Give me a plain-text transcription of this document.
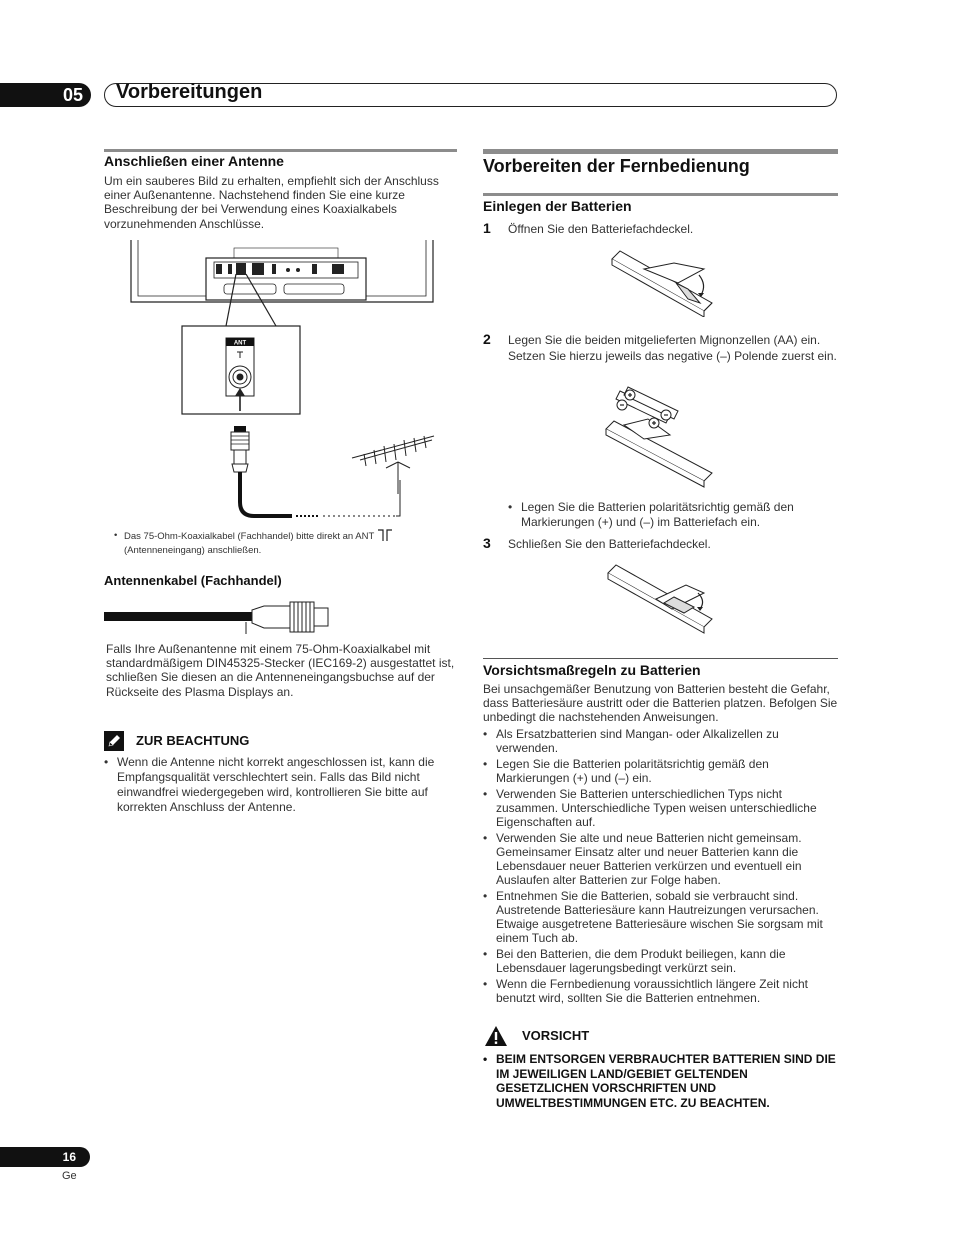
05	Vorbereitungen
Anschließen einer Antenne
Um ein sauberes Bild zu erhalten, empfiehlt sich der Anschluss einer Außenantenne. Nachstehend finden Sie eine kurze Beschreibung der bei Verwendung eines Koaxialkabels vorzunehmenden Anschlüsse.
ANT
• Das 75-Ohm-Koaxialkabel (Fachhandel) bitte direkt an ANT
(Antenneneingang) anschließen.
Antennenkabel (Fachhandel)
Falls Ihre Außenantenne mit einem 75-Ohm-Koaxialkabel mit standardmäßigem DIN45325-Stecker (IEC169-2) ausgestattet ist, schließen Sie diesen an die Antenneneingangsbuchse auf der Rückseite des Plasma Displays an.
ZUR BEACHTUNG
• Wenn die Antenne nicht korrekt angeschlossen ist, kann die Empfangsqualität verschlechtert sein. Falls das Bild nicht einwandfrei wiedergegeben wird, kontrollieren Sie bitte auf korrekten Anschluss der Antenne.
Vorbereiten der Fernbedienung
Einlegen der Batterien
1 Öffnen Sie den Batteriefachdeckel.
2 Legen Sie die beiden mitgelieferten Mignonzellen (AA) ein. Setzen Sie hierzu jeweils das negative (–) Polende zuerst ein.
• Legen Sie die Batterien polaritätsrichtig gemäß den Markierungen (+) und (–) im Batteriefach ein.
3 Schließen Sie den Batteriefachdeckel.
Vorsichtsmaßregeln zu Batterien
Bei unsachgemäßer Benutzung von Batterien besteht die Gefahr, dass Batteriesäure austritt oder die Batterien platzen. Befolgen Sie unbedingt die nachstehenden Anweisungen.
• Als Ersatzbatterien sind Mangan- oder Alkalizellen zu verwenden.
• Legen Sie die Batterien polaritätsrichtig gemäß den Markierungen (+) und (–) ein.
• Verwenden Sie Batterien unterschiedlichen Typs nicht zusammen. Unterschiedliche Typen weisen unterschiedliche Eigenschaften auf.
• Verwenden Sie alte und neue Batterien nicht gemeinsam. Gemeinsamer Einsatz alter und neuer Batterien kann die Lebensdauer neuer Batterien verkürzen und eventuell ein Auslaufen alter Batterien zur Folge haben.
• Entnehmen Sie die Batterien, sobald sie verbraucht sind. Austretende Batteriesäure kann Hautreizungen verursachen. Etwaige ausgetretene Batteriesäure wischen Sie sorgsam mit einem Tuch ab.
• Bei den Batterien, die dem Produkt beiliegen, kann die Lebensdauer lagerungsbedingt verkürzt sein.
• Wenn die Fernbedienung voraussichtlich längere Zeit nicht benutzt wird, sollten Sie die Batterien entnehmen.
VORSICHT
• BEIM ENTSORGEN VERBRAUCHTER BATTERIEN SIND DIE IM JEWEILIGEN LAND/GEBIET GELTENDEN GESETZLICHEN VORSCHRIFTEN UND UMWELTBESTIMMUNGEN ETC. ZU BEACHTEN.
16
Ge
